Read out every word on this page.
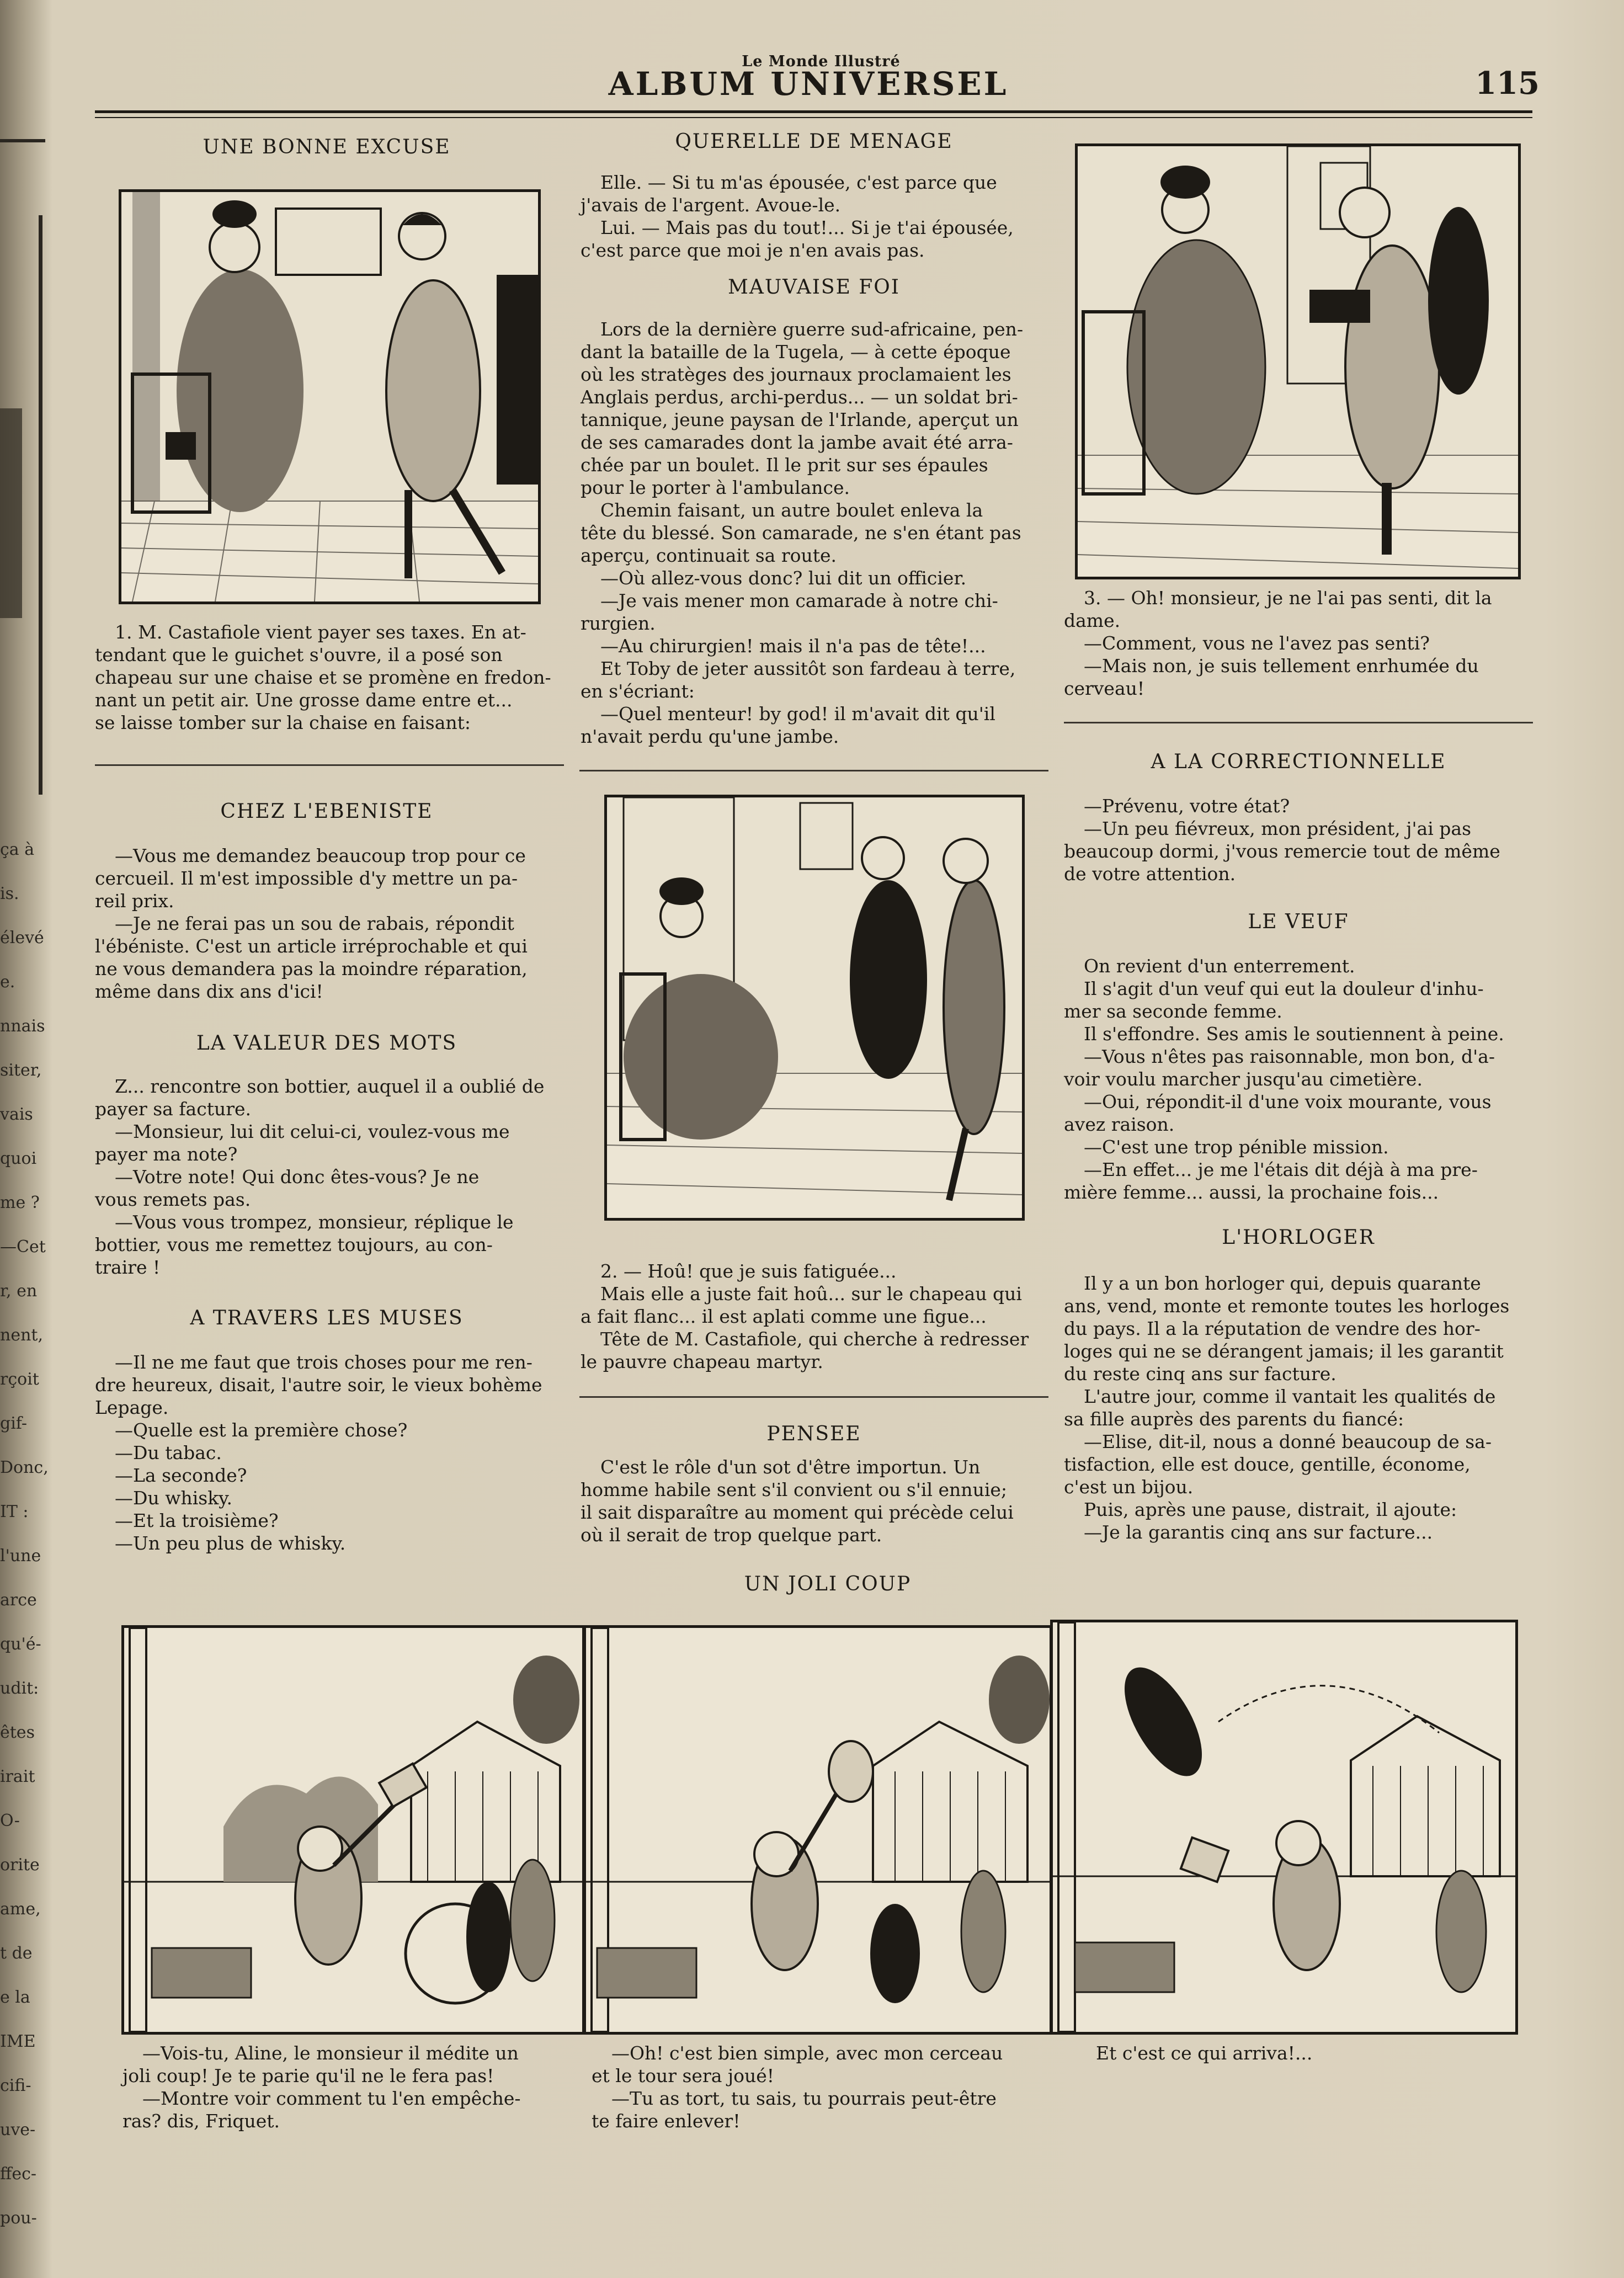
ça à
is.
élevé
e.
nnais
siter,
vais
quoi
me ?
—Cet
r, en
nent,
rçoit
gif-
Donc,
IT :
l'une
arce
qu'é-
udit:
êtes
irait
O-
orite
ame,
t de
e la
IME
cifi-
uve-
ffec-
pou-
Le Monde Illustré
ALBUM UNIVERSEL	115
UNE BONNE EXCUSE

1. M. Castafiole vient payer ses taxes. En at-

tendant que le guichet s'ouvre, il a posé son

chapeau sur une chaise et se promène en fredon-

nant un petit air. Une grosse dame entre et...

se laisse tomber sur la chaise en faisant:

CHEZ L'EBENISTE

—Vous me demandez beaucoup trop pour ce

cercueil. Il m'est impossible d'y mettre un pa-

reil prix.

—Je ne ferai pas un sou de rabais, répondit

l'ébéniste. C'est un article irréprochable et qui

ne vous demandera pas la moindre réparation,

même dans dix ans d'ici!

LA VALEUR DES MOTS

Z... rencontre son bottier, auquel il a oublié de

payer sa facture.

—Monsieur, lui dit celui-ci, voulez-vous me

payer ma note?

—Votre note! Qui donc êtes-vous? Je ne

vous remets pas.

—Vous vous trompez, monsieur, réplique le

bottier, vous me remettez toujours, au con-

traire !

A TRAVERS LES MUSES

—Il ne me faut que trois choses pour me ren-

dre heureux, disait, l'autre soir, le vieux bohème

Lepage.

—Quelle est la première chose?

—Du tabac.

—La seconde?

—Du whisky.

—Et la troisième?

—Un peu plus de whisky.

QUERELLE DE MENAGE

Elle. — Si tu m'as épousée, c'est parce que

j'avais de l'argent. Avoue-le.

Lui. — Mais pas du tout!... Si je t'ai épousée,

c'est parce que moi je n'en avais pas.

MAUVAISE FOI

Lors de la dernière guerre sud-africaine, pen-

dant la bataille de la Tugela, — à cette époque

où les stratèges des journaux proclamaient les

Anglais perdus, archi-perdus... — un soldat bri-

tannique, jeune paysan de l'Irlande, aperçut un

de ses camarades dont la jambe avait été arra-

chée par un boulet. Il le prit sur ses épaules

pour le porter à l'ambulance.

Chemin faisant, un autre boulet enleva la

tête du blessé. Son camarade, ne s'en étant pas

aperçu, continuait sa route.

—Où allez-vous donc? lui dit un officier.

—Je vais mener mon camarade à notre chi-

rurgien.

—Au chirurgien! mais il n'a pas de tête!...

Et Toby de jeter aussitôt son fardeau à terre,

en s'écriant:

—Quel menteur! by god! il m'avait dit qu'il

n'avait perdu qu'une jambe.

2. — Hoû! que je suis fatiguée...

Mais elle a juste fait hoû... sur le chapeau qui

a fait flanc... il est aplati comme une figue...

Tête de M. Castafiole, qui cherche à redresser

le pauvre chapeau martyr.

PENSEE

C'est le rôle d'un sot d'être importun. Un

homme habile sent s'il convient ou s'il ennuie;

il sait disparaître au moment qui précède celui

où il serait de trop quelque part.

3. — Oh! monsieur, je ne l'ai pas senti, dit la

dame.

—Comment, vous ne l'avez pas senti?

—Mais non, je suis tellement enrhumée du

cerveau!

A LA CORRECTIONNELLE

—Prévenu, votre état?

—Un peu fiévreux, mon président, j'ai pas

beaucoup dormi, j'vous remercie tout de même

de votre attention.

LE VEUF

On revient d'un enterrement.

Il s'agit d'un veuf qui eut la douleur d'inhu-

mer sa seconde femme.

Il s'effondre. Ses amis le soutiennent à peine.

—Vous n'êtes pas raisonnable, mon bon, d'a-

voir voulu marcher jusqu'au cimetière.

—Oui, répondit-il d'une voix mourante, vous

avez raison.

—C'est une trop pénible mission.

—En effet... je me l'étais dit déjà à ma pre-

mière femme... aussi, la prochaine fois...

L'HORLOGER

Il y a un bon horloger qui, depuis quarante

ans, vend, monte et remonte toutes les horloges

du pays. Il a la réputation de vendre des hor-

loges qui ne se dérangent jamais; il les garantit

du reste cinq ans sur facture.

L'autre jour, comme il vantait les qualités de

sa fille auprès des parents du fiancé:

—Elise, dit-il, nous a donné beaucoup de sa-

tisfaction, elle est douce, gentille, économe,

c'est un bijou.

Puis, après une pause, distrait, il ajoute:

—Je la garantis cinq ans sur facture...

UN JOLI COUP

—Vois-tu, Aline, le monsieur il médite un

joli coup! Je te parie qu'il ne le fera pas!

—Montre voir comment tu l'en empêche-

ras? dis, Friquet.

—Oh! c'est bien simple, avec mon cerceau

et le tour sera joué!

—Tu as tort, tu sais, tu pourrais peut-être

te faire enlever!

Et c'est ce qui arriva!...
